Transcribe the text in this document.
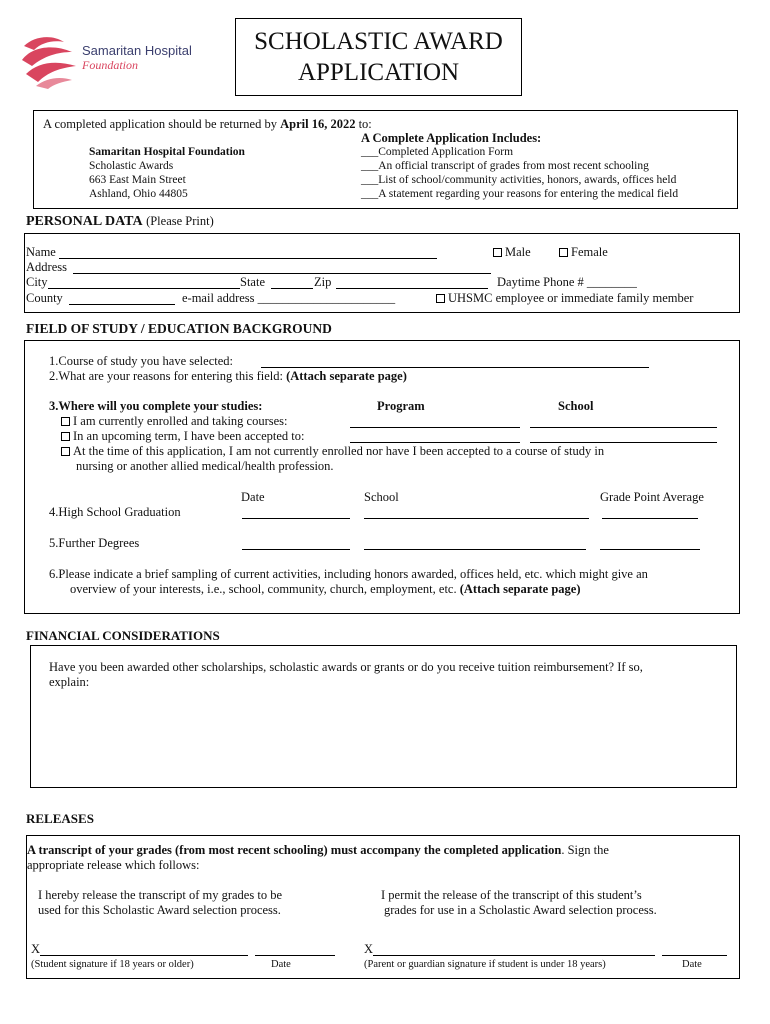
Samaritan Hospital
Foundation
SCHOLASTIC AWARD
APPLICATION
A completed application should be returned by April 16, 2022 to:
Samaritan Hospital Foundation
Scholastic Awards
663 East Main Street
Ashland, Ohio 44805
A Complete Application Includes:
___Completed Application Form
___An official transcript of grades from most recent schooling
___List of school/community activities, honors, awards, offices held
___A statement regarding your reasons for entering the medical field
PERSONAL DATA (Please Print)
Name
Address
City	State	Zip
County	e-mail address ______________________
Male	Female
Daytime Phone # ________
UHSMC employee or immediate family member
FIELD OF STUDY / EDUCATION BACKGROUND
1.Course of study you have selected:
2.What are your reasons for entering this field: (Attach separate page)
3.Where will you complete your studies:	Program	School
I am currently enrolled and taking courses:
In an upcoming term, I have been accepted to:
At the time of this application, I am not currently enrolled nor have I been accepted to a course of study in
nursing or another allied medical/health profession.
Date	School	Grade Point Average
4.High School Graduation
5.Further Degrees
6.Please indicate a brief sampling of current activities, including honors awarded, offices held, etc. which might give an
overview of your interests, i.e., school, community, church, employment, etc. (Attach separate page)
FINANCIAL CONSIDERATIONS
Have you been awarded other scholarships, scholastic awards or grants or do you receive tuition reimbursement? If so,
explain:
RELEASES
A transcript of your grades (from most recent schooling) must accompany the completed application. Sign the
appropriate release which follows:
I hereby release the transcript of my grades to be
used for this Scholastic Award selection process.
I permit the release of the transcript of this student’s
grades for use in a Scholastic Award selection process.
X
(Student signature if 18 years or older)	Date
X
(Parent or guardian signature if student is under 18 years)	Date
